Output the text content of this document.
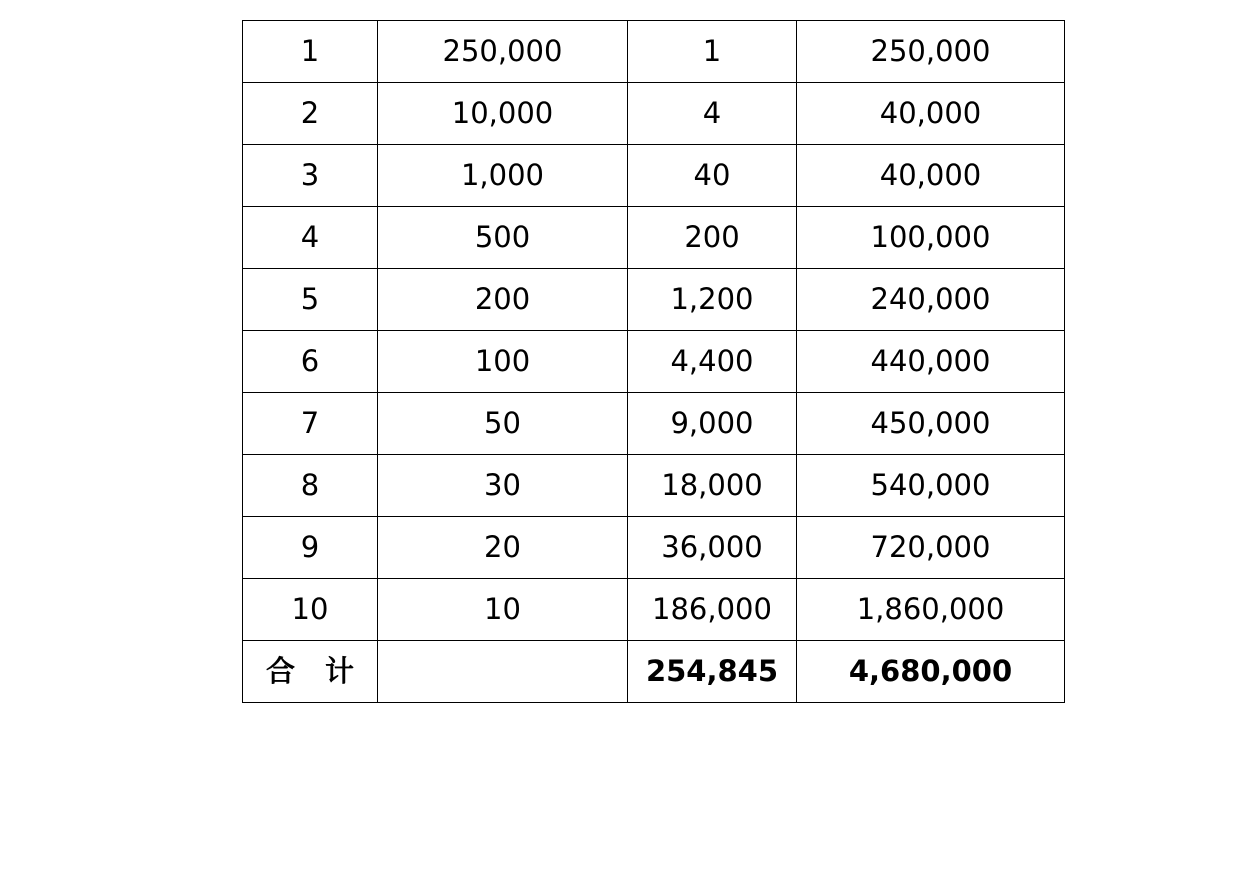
1	250,000	1	250,000
2	10,000	4	40,000
3	1,000	40	40,000
4	500	200	100,000
5	200	1,200	240,000
6	100	4,400	440,000
7	50	9,000	450,000
8	30	18,000	540,000
9	20	36,000	720,000
10	10	186,000	1,860,000
合 计		254,845	4,680,000
